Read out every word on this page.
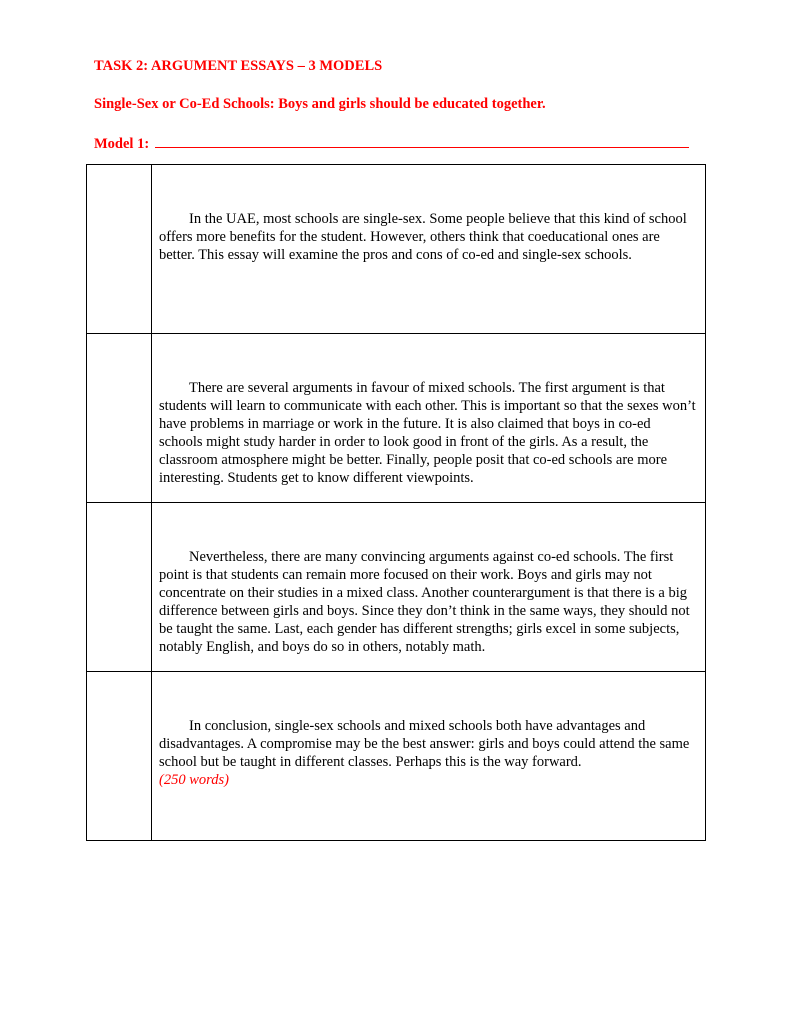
TASK 2: ARGUMENT ESSAYS – 3 MODELS
Single-Sex or Co-Ed Schools: Boys and girls should be educated together.
Model 1:

	In the UAE, most schools are single-sex. Some people believe that this kind of school offers more benefits for the student. However, others think that coeducational ones are better. This essay will examine the pros and cons of co-ed and single-sex schools.

	There are several arguments in favour of mixed schools. The first argument is that students will learn to communicate with each other. This is important so that the sexes won’t have problems in marriage or work in the future. It is also claimed that boys in co-ed schools might study harder in order to look good in front of the girls. As a result, the classroom atmosphere might be better. Finally, people posit that co-ed schools are more interesting. Students get to know different viewpoints.

	Nevertheless, there are many convincing arguments against co-ed schools. The first point is that students can remain more focused on their work. Boys and girls may not concentrate on their studies in a mixed class. Another counterargument is that there is a big difference between girls and boys. Since they don’t think in the same ways, they should not be taught the same. Last, each gender has different strengths; girls excel in some subjects, notably English, and boys do so in others, notably math.

	In conclusion, single-sex schools and mixed schools both have advantages and disadvantages. A compromise may be the best answer: girls and boys could attend the same school but be taught in different classes. Perhaps this is the way forward.

(250 words)
